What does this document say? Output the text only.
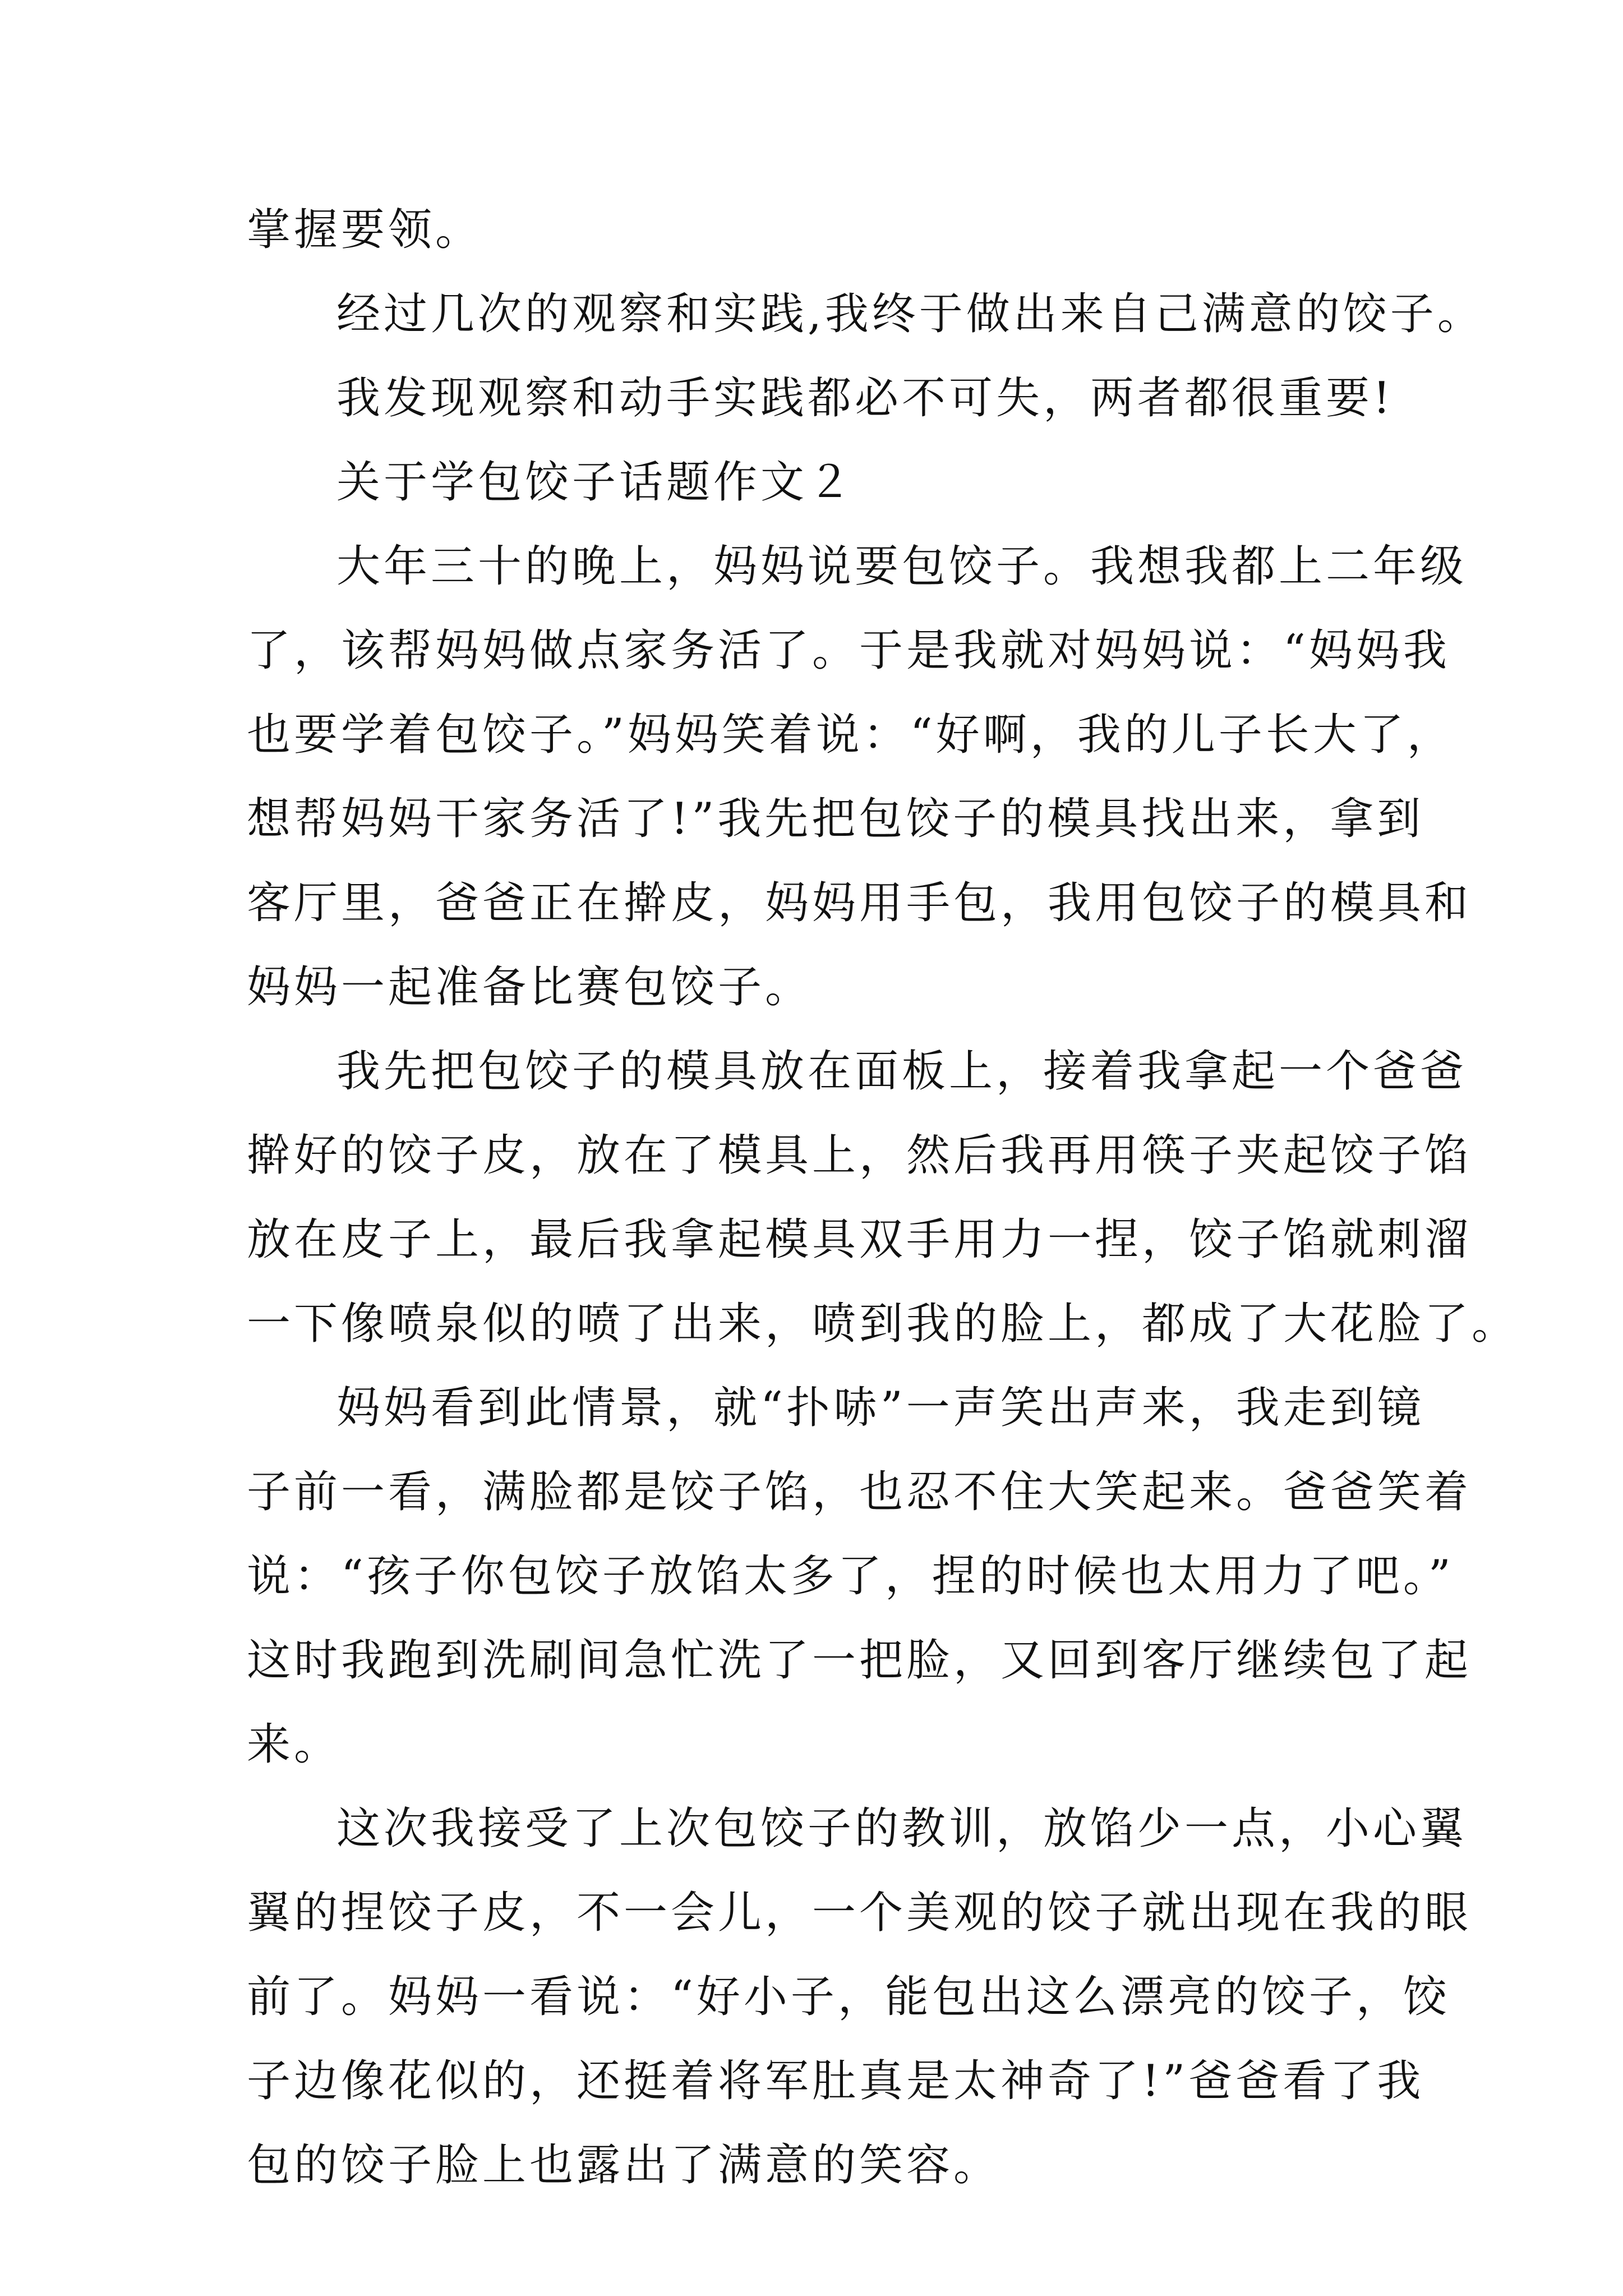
掌握要领。
经过几次的观察和实践,我终于做出来自己满意的饺子。
我发现观察和动手实践都必不可失，两者都很重要!
关于学包饺子话题作文２
大年三十的晚上，妈妈说要包饺子。我想我都上二年级
了，该帮妈妈做点家务活了。于是我就对妈妈说：“妈妈我
也要学着包饺子。”妈妈笑着说：“好啊，我的儿子长大了，
想帮妈妈干家务活了!”我先把包饺子的模具找出来，拿到
客厅里，爸爸正在擀皮，妈妈用手包，我用包饺子的模具和
妈妈一起准备比赛包饺子。
我先把包饺子的模具放在面板上，接着我拿起一个爸爸
擀好的饺子皮，放在了模具上，然后我再用筷子夹起饺子馅
放在皮子上，最后我拿起模具双手用力一捏，饺子馅就刺溜
一下像喷泉似的喷了出来，喷到我的脸上，都成了大花脸了。
妈妈看到此情景，就“扑哧”一声笑出声来，我走到镜
子前一看，满脸都是饺子馅，也忍不住大笑起来。爸爸笑着
说：“孩子你包饺子放馅太多了，捏的时候也太用力了吧。”
这时我跑到洗刷间急忙洗了一把脸，又回到客厅继续包了起
来。
这次我接受了上次包饺子的教训，放馅少一点，小心翼
翼的捏饺子皮，不一会儿，一个美观的饺子就出现在我的眼
前了。妈妈一看说：“好小子，能包出这么漂亮的饺子，饺
子边像花似的，还挺着将军肚真是太神奇了!”爸爸看了我
包的饺子脸上也露出了满意的笑容。
